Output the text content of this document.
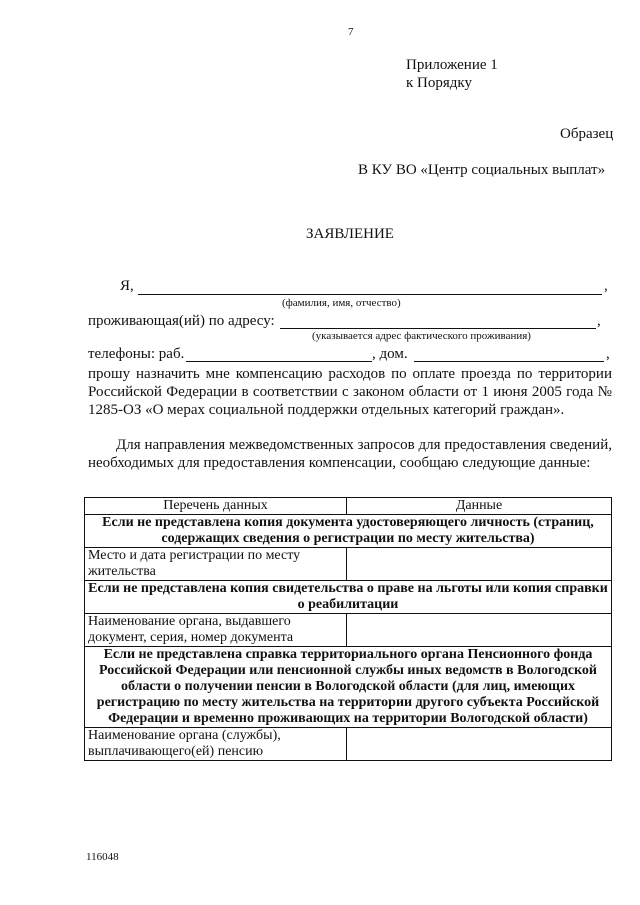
7
Приложение 1
к Порядку
Образец
В КУ ВО «Центр социальных выплат»
ЗАЯВЛЕНИЕ
Я,	,
(фамилия, имя, отчество)
проживающая(ий) по адресу:	,
(указывается адрес фактического проживания)
телефоны: раб.	, дом.	,
прошу назначить мне компенсацию расходов по оплате проезда по территории Российской Федерации в соответствии с законом области от 1 июня 2005 года № 1285-ОЗ «О мерах социальной поддержки отдельных категорий граждан».
Для направления межведомственных запросов для предоставления сведений, необходимых для предоставления компенсации, сообщаю следующие данные:
Перечень данных	Данные
Если не представлена копия документа удостоверяющего личность (страниц, содержащих сведения о регистрации по месту жительства)	
Место и дата регистрации по месту жительства	
Если не представлена копия свидетельства о праве на льготы или копия справки о реабилитации	
Наименование органа, выдавшего документ, серия, номер документа	
Если не представлена справка территориального органа Пенсионного фонда Российской Федерации или пенсионной службы иных ведомств в Вологодской области о получении пенсии в Вологодской области (для лиц, имеющих регистрацию по месту жительства на территории другого субъекта Российской Федерации и временно проживающих на территории Вологодской области)	
Наименование органа (службы), выплачивающего(ей) пенсию	
116048
